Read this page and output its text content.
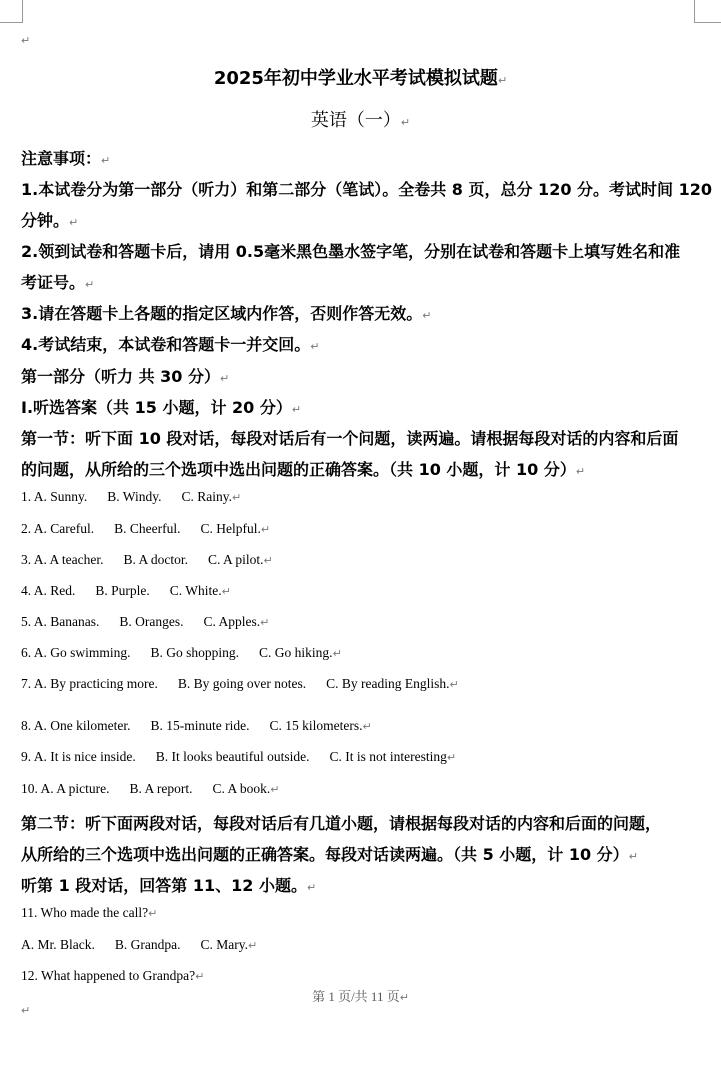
↵
2025年初中学业水平考试模拟试题↵
英语（一）↵
注意事项：↵
1.本试卷分为第一部分（听力）和第二部分（笔试）。全卷共 8 页，总分 120 分。考试时间 120
分钟。↵
2.领到试卷和答题卡后，请用 0.5毫米黑色墨水签字笔，分别在试卷和答题卡上填写姓名和准
考证号。↵
3.请在答题卡上各题的指定区域内作答，否则作答无效。↵
4.考试结束，本试卷和答题卡一并交回。↵
第一部分（听力 共 30 分）↵
Ⅰ.听选答案（共 15 小题，计 20 分）↵
第一节：听下面 10 段对话，每段对话后有一个问题，读两遍。请根据每段对话的内容和后面
的问题，从所给的三个选项中选出问题的正确答案。（共 10 小题，计 10 分）↵
1. A. Sunny. B. Windy. C. Rainy.↵
2. A. Careful. B. Cheerful. C. Helpful.↵
3. A. A teacher. B. A doctor. C. A pilot.↵
4. A. Red. B. Purple. C. White.↵
5. A. Bananas. B. Oranges. C. Apples.↵
6. A. Go swimming. B. Go shopping. C. Go hiking.↵
7. A. By practicing more. B. By going over notes. C. By reading English.↵
8. A. One kilometer. B. 15-minute ride. C. 15 kilometers.↵
9. A. It is nice inside. B. It looks beautiful outside. C. It is not interesting↵
10. A. A picture. B. A report. C. A book.↵
第二节：听下面两段对话，每段对话后有几道小题，请根据每段对话的内容和后面的问题，
从所给的三个选项中选出问题的正确答案。每段对话读两遍。（共 5 小题，计 10 分）↵
听第 1 段对话，回答第 11、12 小题。↵
11. Who made the call?↵
A. Mr. Black. B. Grandpa. C. Mary.↵
12. What happened to Grandpa?↵
第 1 页/共 11 页↵
↵
